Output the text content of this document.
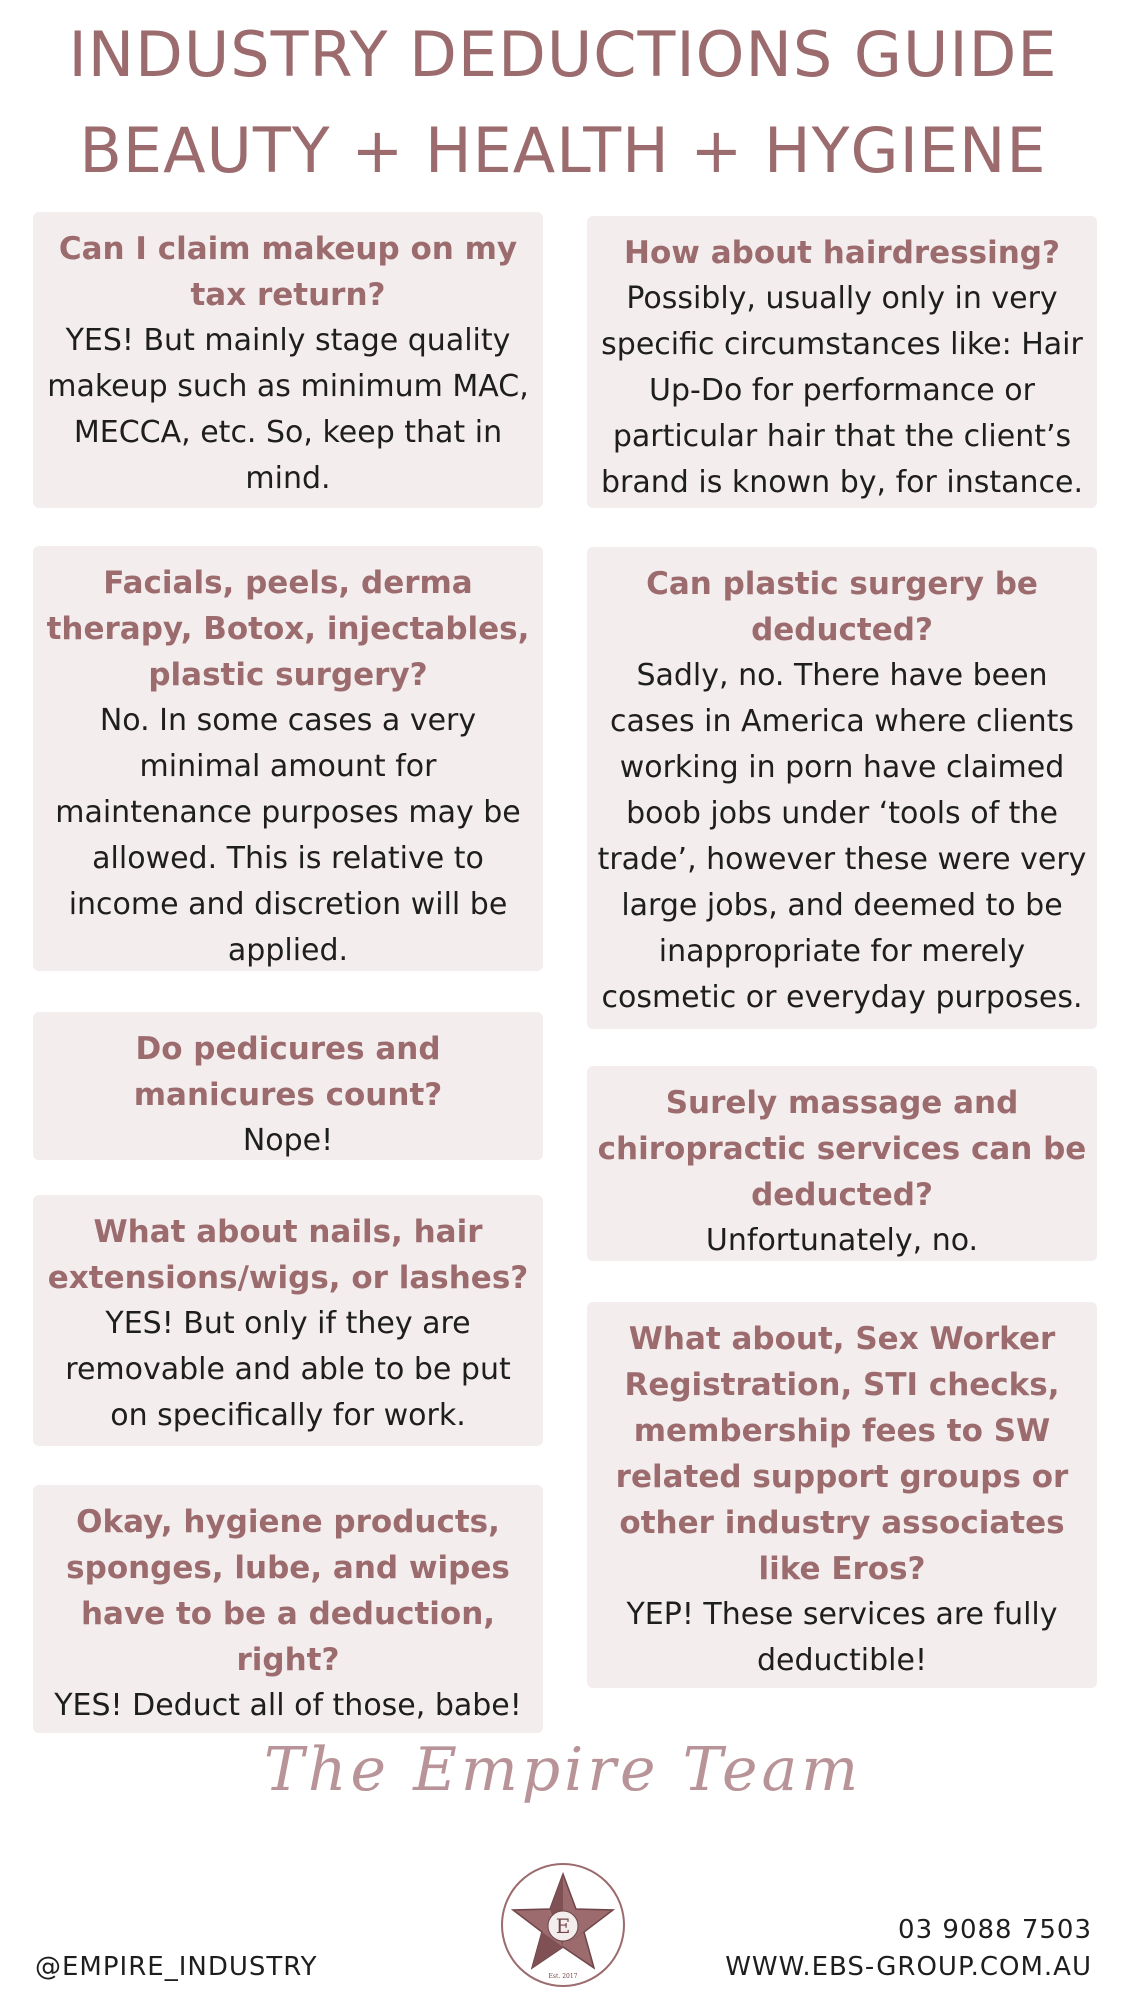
INDUSTRY DEDUCTIONS GUIDE
BEAUTY + HEALTH + HYGIENE

Can I claim makeup on my tax return?

YES! But mainly stage quality makeup such as minimum MAC, MECCA, etc. So, keep that in mind.

Facials, peels, derma therapy, Botox, injectables, plastic surgery?

No. In some cases a very minimal amount for maintenance purposes may be allowed. This is relative to income and discretion will be applied.

Do pedicures and manicures count?

Nope!

What about nails, hair extensions/wigs, or lashes?

YES! But only if they are removable and able to be put on specifically for work.

Okay, hygiene products, sponges, lube, and wipes have to be a deduction, right?

YES! Deduct all of those, babe!

How about hairdressing?

Possibly, usually only in very specific circumstances like: Hair Up-Do for performance or particular hair that the client’s brand is known by, for instance.

Can plastic surgery be deducted?

Sadly, no. There have been cases in America where clients working in porn have claimed boob jobs under ‘tools of the trade’, however these were very large jobs, and deemed to be inappropriate for merely cosmetic or everyday purposes.

Surely massage and chiropractic services can be deducted?

Unfortunately, no.

What about, Sex Worker Registration, STI checks, membership fees to SW related support groups or other industry associates like Eros?

YEP! These services are fully deductible!

The Empire Team
E
Est. 2017
@EMPIRE_INDUSTRY
03 9088 7503
WWW.EBS-GROUP.COM.AU
